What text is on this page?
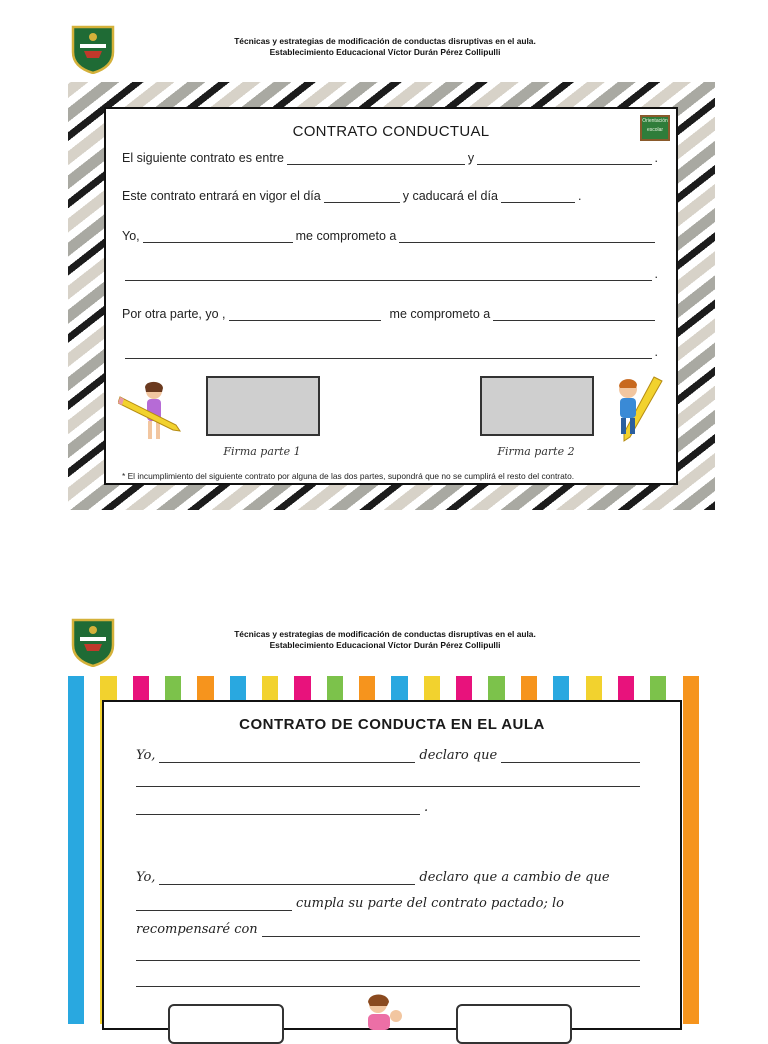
Técnicas y estrategias de modificación de conductas disruptivas en el aula.
Establecimiento Educacional Víctor Durán Pérez Collipulli
CONTRATO CONDUCTUAL
Orientación escolar
El siguiente contrato es entre	y	.
Este contrato entrará en vigor el día	y caducará el día	.
Yo,	me comprometo a
.
Por otra parte, yo ,	me comprometo a
.
Firma parte 1	Firma parte 2
* El incumplimiento del siguiente contrato por alguna de las dos partes, supondrá que no se cumplirá el resto del contrato.
Técnicas y estrategias de modificación de conductas disruptivas en el aula.
Establecimiento Educacional Víctor Durán Pérez Collipulli
CONTRATO DE CONDUCTA EN EL AULA
Yo,	declaro que
.
Yo,	declaro que a cambio de que
cumpla su parte del contrato pactado; lo
recompensaré con
